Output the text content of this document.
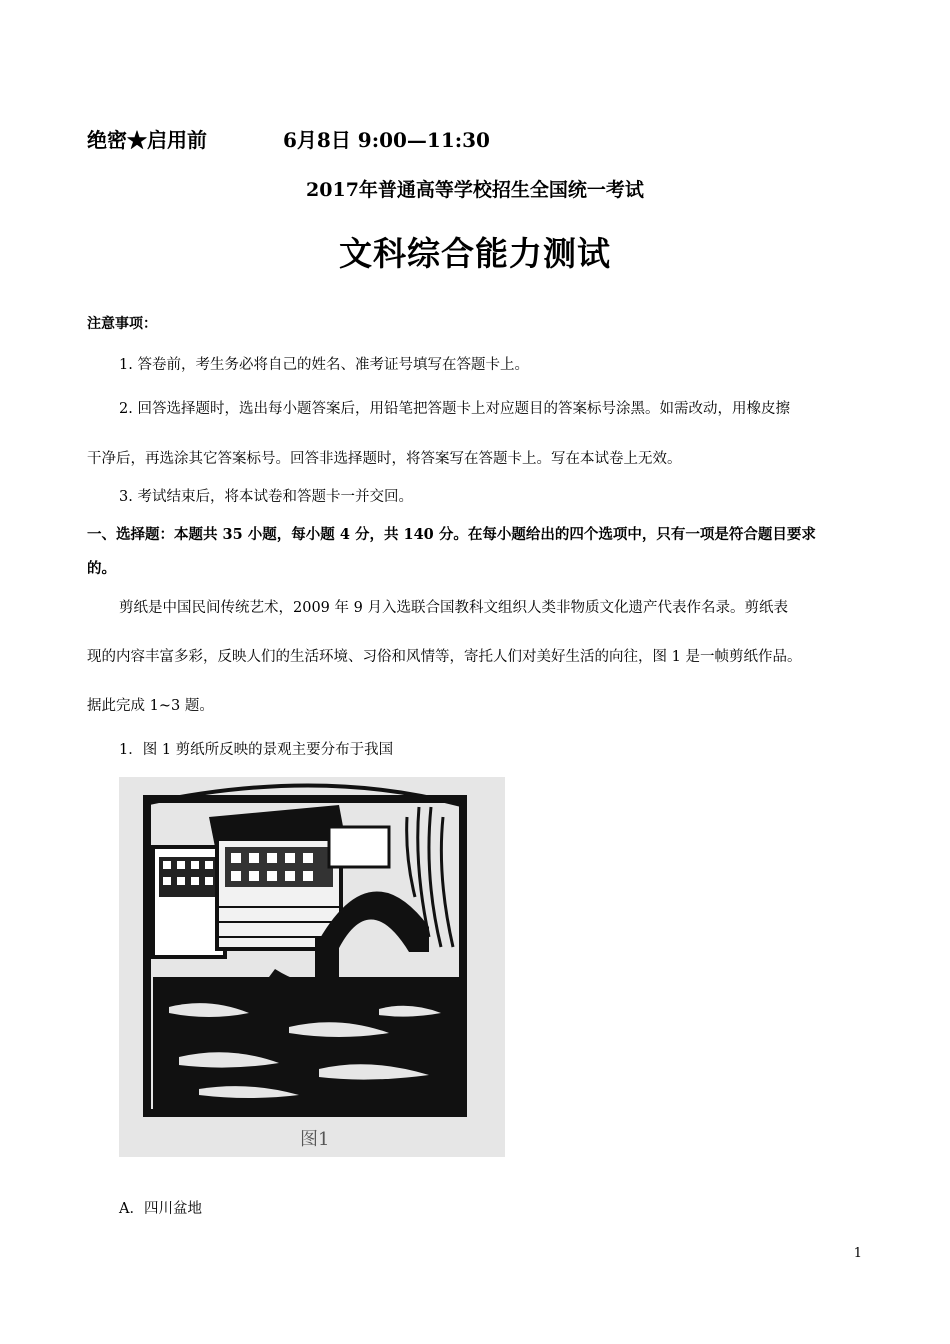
绝密★启用前	6月8日 9:00—11:30
2017年普通高等学校招生全国统一考试
文科综合能力测试
注意事项：
1. 答卷前，考生务必将自己的姓名、准考证号填写在答题卡上。
2. 回答选择题时，选出每小题答案后，用铅笔把答题卡上对应题目的答案标号涂黑。如需改动，用橡皮擦
干净后，再选涂其它答案标号。回答非选择题时，将答案写在答题卡上。写在本试卷上无效。
3. 考试结束后，将本试卷和答题卡一并交回。
一、选择题：本题共 35 小题，每小题 4 分，共 140 分。在每小题给出的四个选项中，只有一项是符合题目要求
的。
剪纸是中国民间传统艺术，2009 年 9 月入选联合国教科文组织人类非物质文化遗产代表作名录。剪纸表
现的内容丰富多彩，反映人们的生活环境、习俗和风情等，寄托人们对美好生活的向往，图 1 是一帧剪纸作品。
据此完成 1~3 题。
1．图 1 剪纸所反映的景观主要分布于我国
图1
A．四川盆地
1
